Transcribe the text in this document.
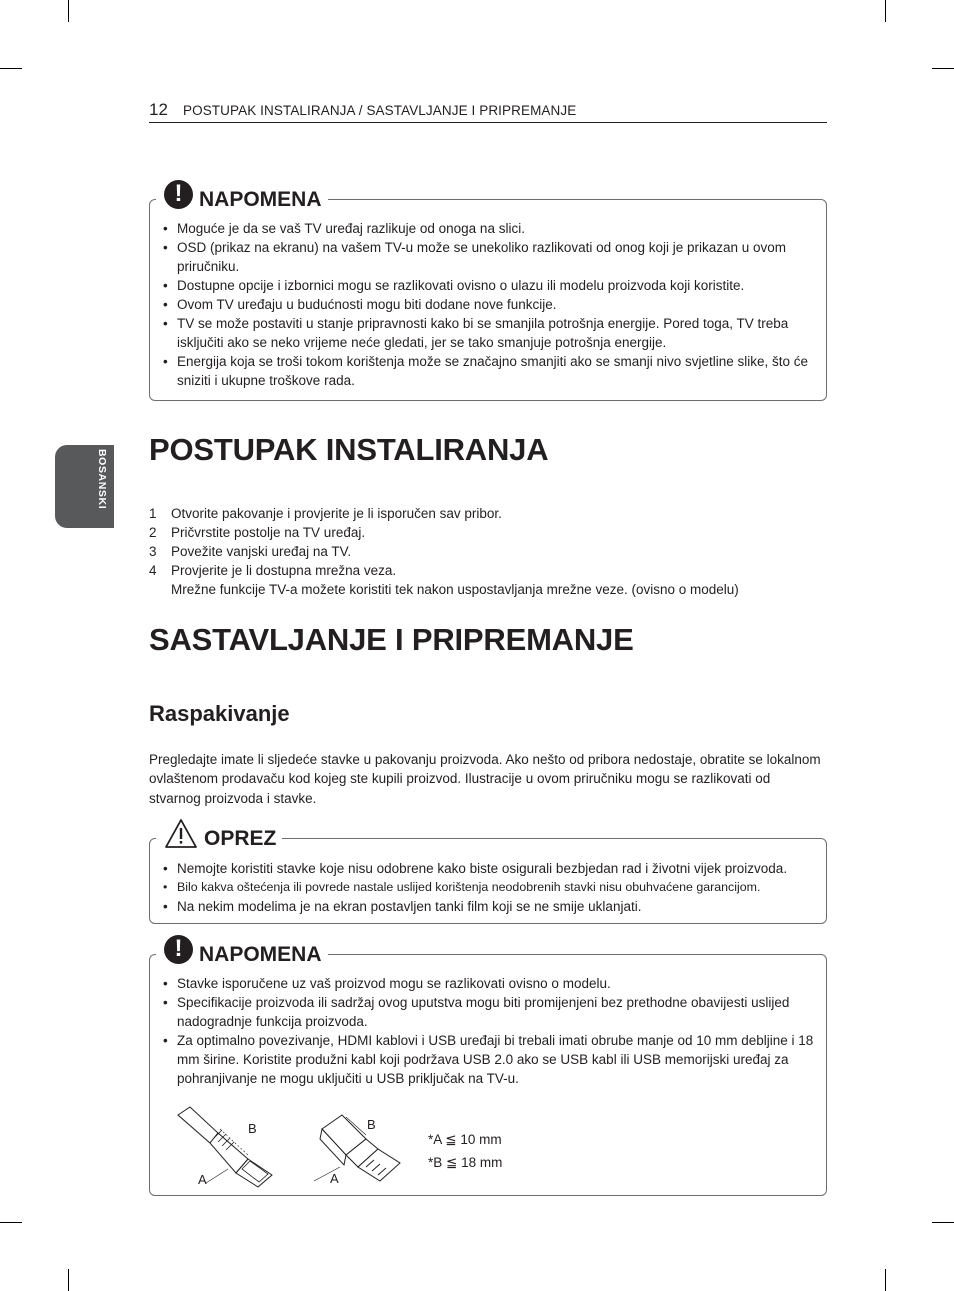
12 POSTUPAK INSTALIRANJA / SASTAVLJANJE I PRIPREMANJE
BOSANSKI
! NAPOMENA
• Moguće je da se vaš TV uređaj razlikuje od onoga na slici.
• OSD (prikaz na ekranu) na vašem TV-u može se unekoliko razlikovati od onog koji je prikazan u ovom priručniku.
• Dostupne opcije i izbornici mogu se razlikovati ovisno o ulazu ili modelu proizvoda koji koristite.
• Ovom TV uređaju u budućnosti mogu biti dodane nove funkcije.
• TV se može postaviti u stanje pripravnosti kako bi se smanjila potrošnja energije. Pored toga, TV treba isključiti ako se neko vrijeme neće gledati, jer se tako smanjuje potrošnja energije.
• Energija koja se troši tokom korištenja može se značajno smanjiti ako se smanji nivo svjetline slike, što će sniziti i ukupne troškove rada.
POSTUPAK INSTALIRANJA
1 Otvorite pakovanje i provjerite je li isporučen sav pribor.
2 Pričvrstite postolje na TV uređaj.
3 Povežite vanjski uređaj na TV.
4 Provjerite je li dostupna mrežna veza.
Mrežne funkcije TV-a možete koristiti tek nakon uspostavljanja mrežne veze. (ovisno o modelu)
SASTAVLJANJE I PRIPREMANJE
Raspakivanje
Pregledajte imate li sljedeće stavke u pakovanju proizvoda. Ako nešto od pribora nedostaje, obratite se lokalnom ovlaštenom prodavaču kod kojeg ste kupili proizvod. Ilustracije u ovom priručniku mogu se razlikovati od stvarnog proizvoda i stavke.
OPREZ
• Nemojte koristiti stavke koje nisu odobrene kako biste osigurali bezbjedan rad i životni vijek proizvoda.
• Bilo kakva oštećenja ili povrede nastale uslijed korištenja neodobrenih stavki nisu obuhvaćene garancijom.
• Na nekim modelima je na ekran postavljen tanki film koji se ne smije uklanjati.
! NAPOMENA
• Stavke isporučene uz vaš proizvod mogu se razlikovati ovisno o modelu.
• Specifikacije proizvoda ili sadržaj ovog uputstva mogu biti promijenjeni bez prethodne obavijesti uslijed nadogradnje funkcija proizvoda.
• Za optimalno povezivanje, HDMI kablovi i USB uređaji bi trebali imati obrube manje od 10 mm debljine i 18 mm širine. Koristite produžni kabl koji podržava USB 2.0 ako se USB kabl ili USB memorijski uređaj za pohranjivanje ne mogu uključiti u USB priključak na TV-u.
B
A
B
A
*A ≦ 10 mm
*B ≦ 18 mm
